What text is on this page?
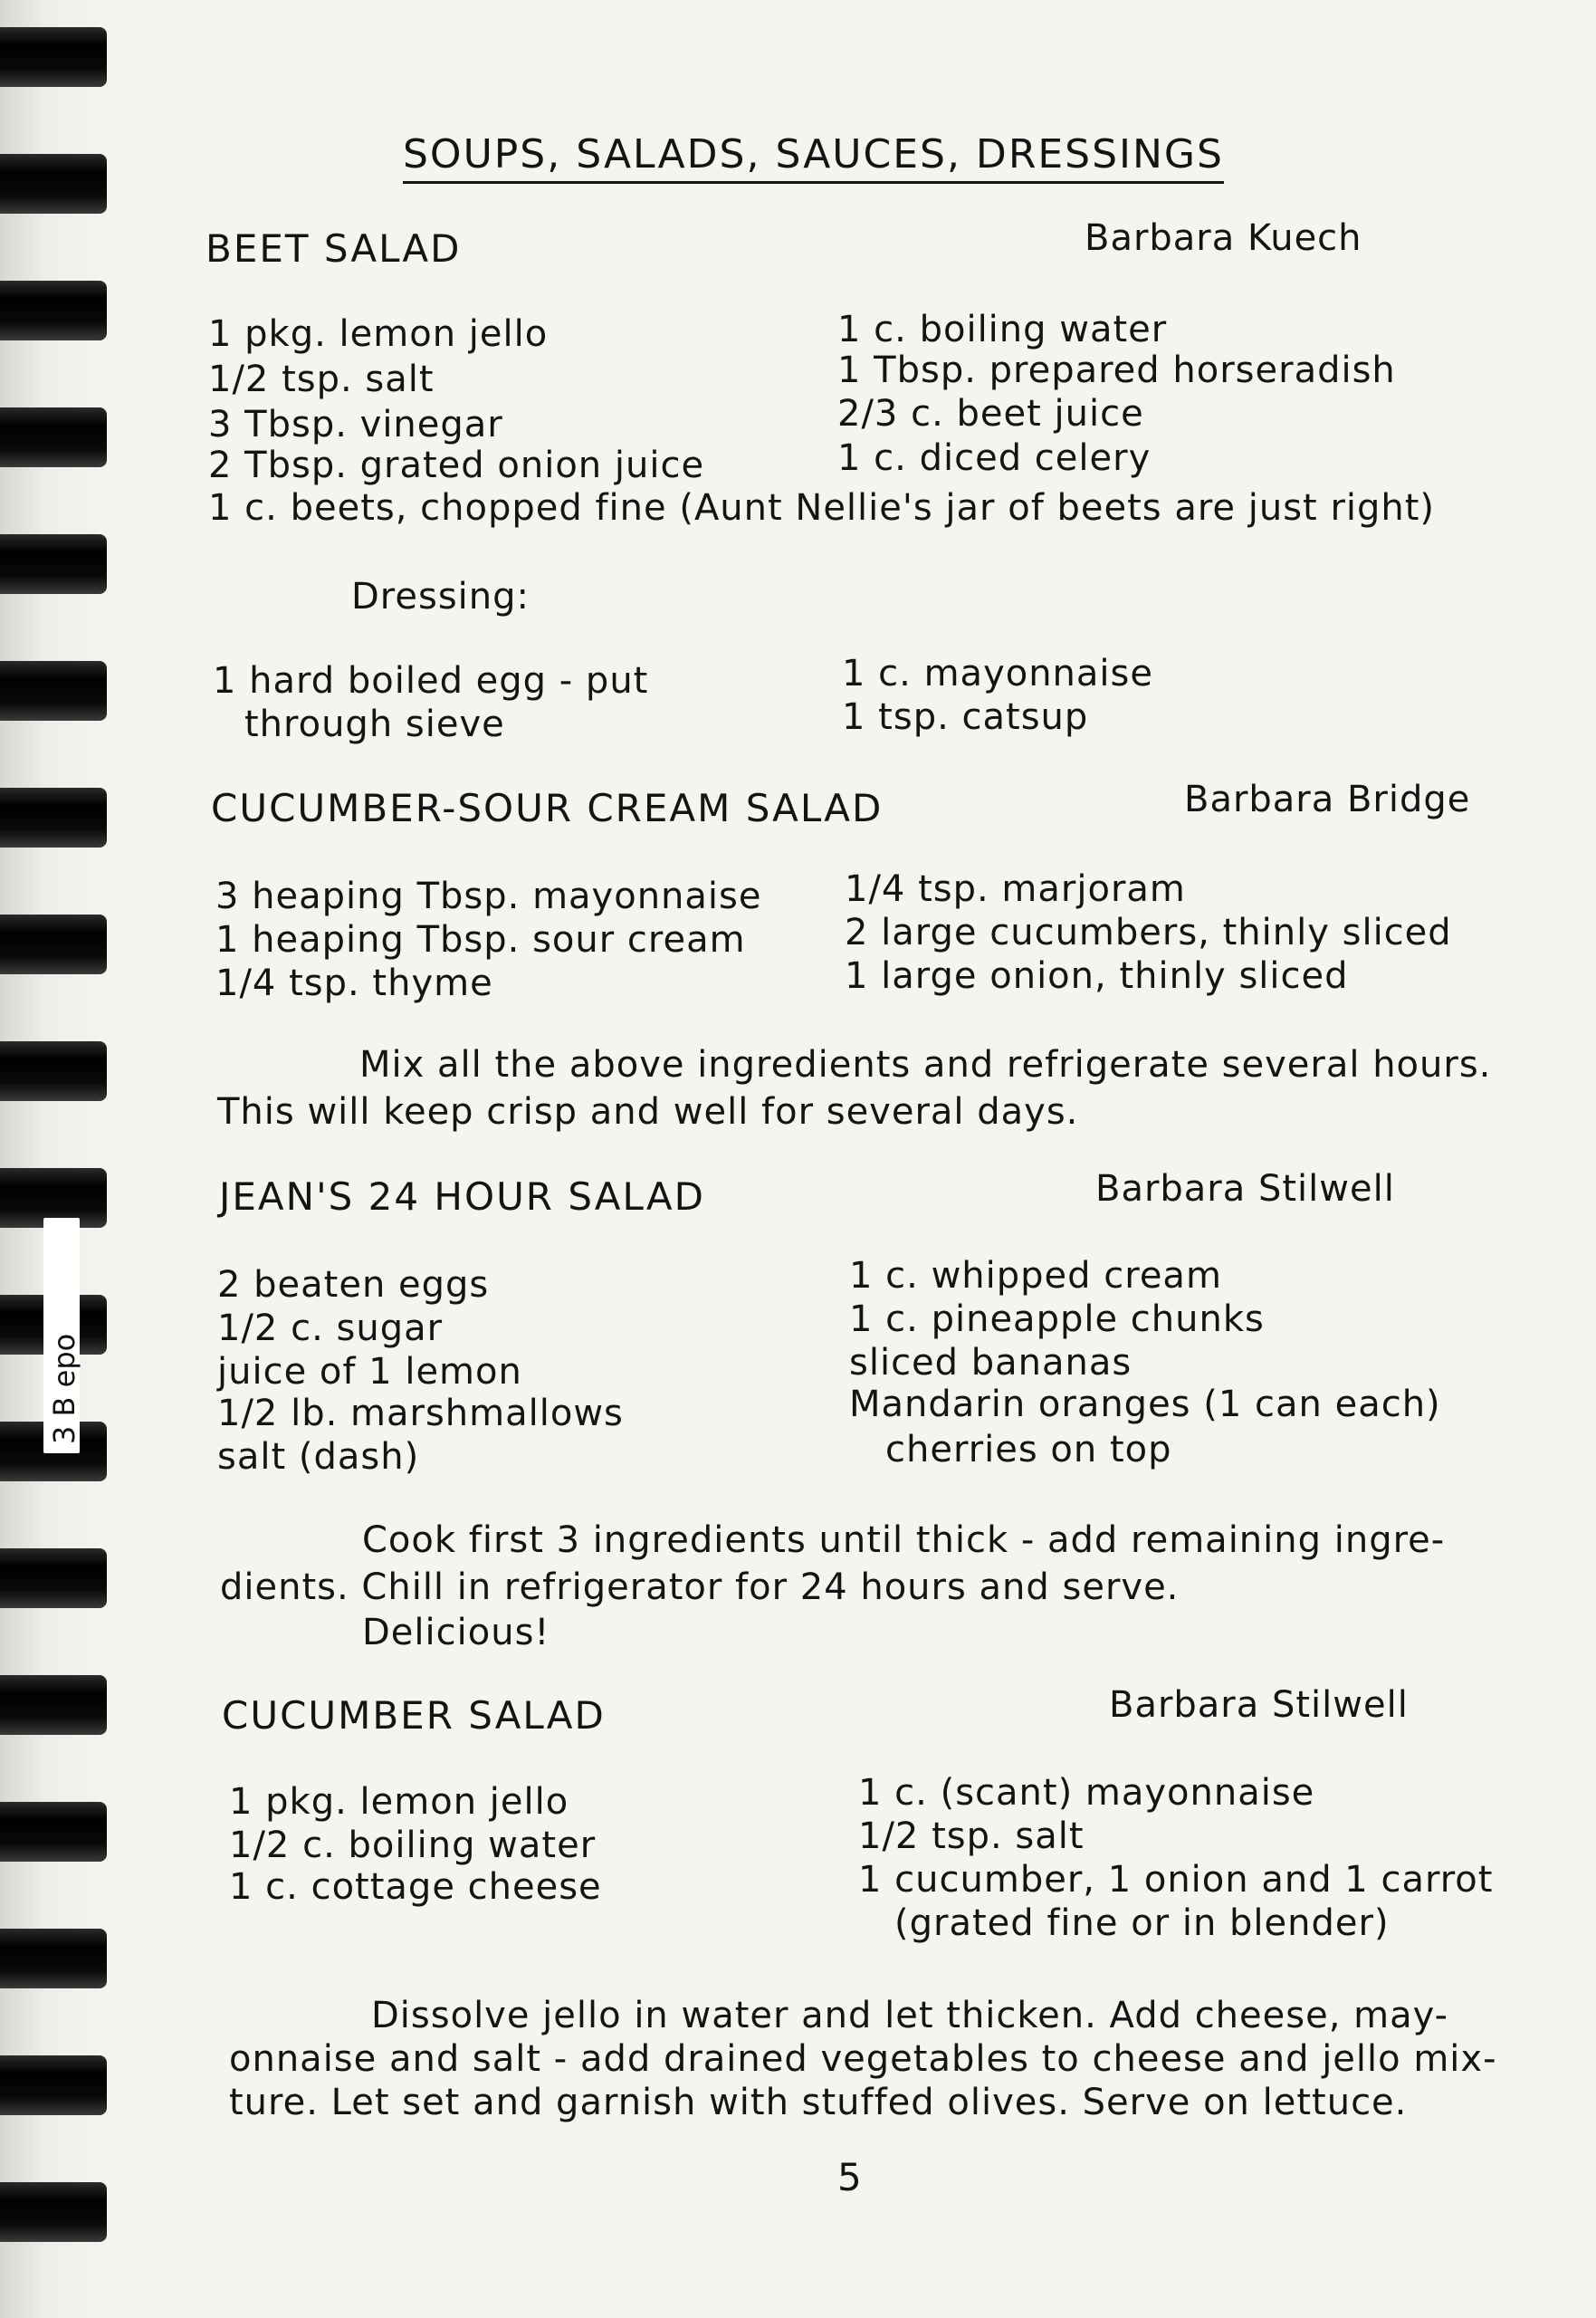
3 B epo
SOUPS, SALADS, SAUCES, DRESSINGS
BEET SALAD	Barbara Kuech
1 pkg. lemon jello
1/2 tsp. salt
3 Tbsp. vinegar
2 Tbsp. grated onion juice
1 c. boiling water
1 Tbsp. prepared horseradish
2/3 c. beet juice
1 c. diced celery
1 c. beets, chopped fine (Aunt Nellie's jar of beets are just right)
Dressing:
1 hard boiled egg - put
through sieve
1 c. mayonnaise
1 tsp. catsup
CUCUMBER-SOUR CREAM SALAD	Barbara Bridge
3 heaping Tbsp. mayonnaise
1 heaping Tbsp. sour cream
1/4 tsp. thyme
1/4 tsp. marjoram
2 large cucumbers, thinly sliced
1 large onion, thinly sliced
Mix all the above ingredients and refrigerate several hours.
This will keep crisp and well for several days.
JEAN'S 24 HOUR SALAD	Barbara Stilwell
2 beaten eggs
1/2 c. sugar
juice of 1 lemon
1/2 lb. marshmallows
salt (dash)
1 c. whipped cream
1 c. pineapple chunks
sliced bananas
Mandarin oranges (1 can each)
cherries on top
Cook first 3 ingredients until thick - add remaining ingre-
dients. Chill in refrigerator for 24 hours and serve.
Delicious!
CUCUMBER SALAD	Barbara Stilwell
1 pkg. lemon jello
1/2 c. boiling water
1 c. cottage cheese
1 c. (scant) mayonnaise
1/2 tsp. salt
1 cucumber, 1 onion and 1 carrot
(grated fine or in blender)
Dissolve jello in water and let thicken. Add cheese, may-
onnaise and salt - add drained vegetables to cheese and jello mix-
ture. Let set and garnish with stuffed olives. Serve on lettuce.
5
